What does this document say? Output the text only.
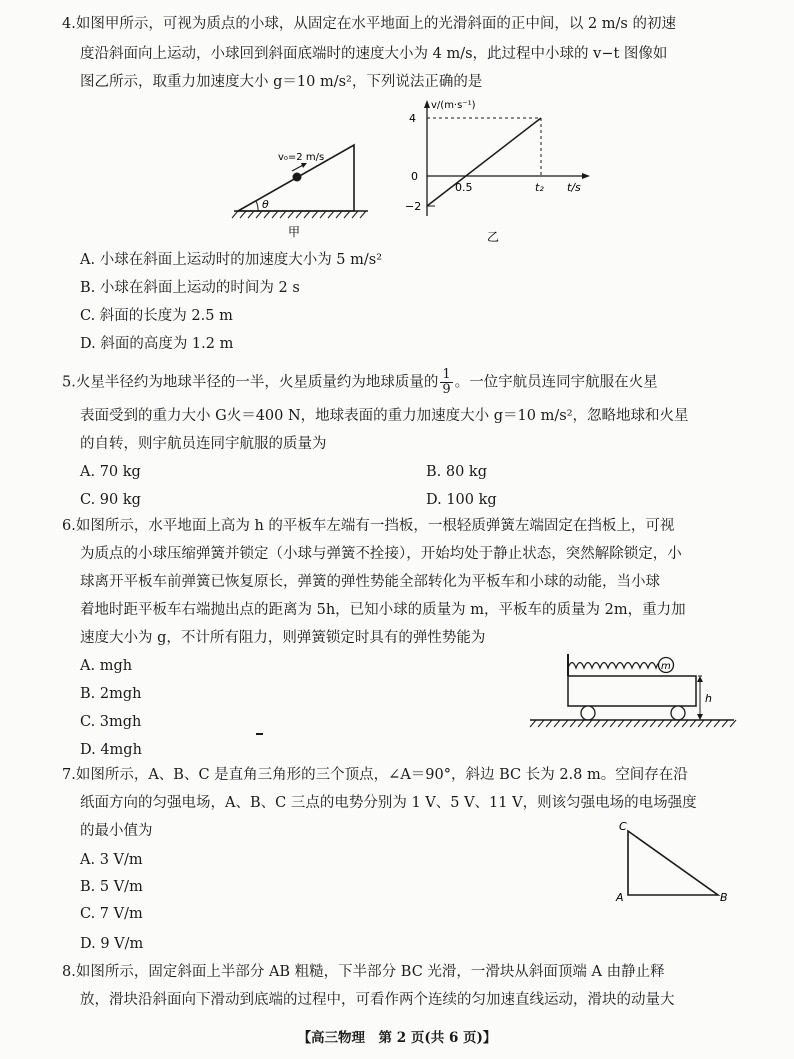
4.如图甲所示，可视为质点的小球，从固定在水平地面上的光滑斜面的正中间，以 2 m/s 的初速
度沿斜面向上运动，小球回到斜面底端时的速度大小为 4 m/s，此过程中小球的 v−t 图像如
图乙所示，取重力加速度大小 g＝10 m/s²，下列说法正确的是
θ
v₀=2 m/s
甲
v/(m·s⁻¹)
4
0
−2
0.5	t₂ t/s
乙
A. 小球在斜面上运动时的加速度大小为 5 m/s²
B. 小球在斜面上运动的时间为 2 s
C. 斜面的长度为 2.5 m
D. 斜面的高度为 1.2 m
5.火星半径约为地球半径的一半，火星质量约为地球质量的 $\frac{1}{9}$ 。一位宇航员连同宇航服在火星
表面受到的重力大小 G火＝400 N，地球表面的重力加速度大小 g＝10 m/s²，忽略地球和火星
的自转，则宇航员连同宇航服的质量为
A. 70 kg	B. 80 kg
C. 90 kg	D. 100 kg
6.如图所示，水平地面上高为 h 的平板车左端有一挡板，一根轻质弹簧左端固定在挡板上，可视
为质点的小球压缩弹簧并锁定（小球与弹簧不拴接），开始均处于静止状态，突然解除锁定，小
球离开平板车前弹簧已恢复原长，弹簧的弹性势能全部转化为平板车和小球的动能，当小球
着地时距平板车右端抛出点的距离为 5h，已知小球的质量为 m，平板车的质量为 2m，重力加
速度大小为 g，不计所有阻力，则弹簧锁定时具有的弹性势能为
m
h
A. mgh
B. 2mgh
C. 3mgh
D. 4mgh
7.如图所示，A、B、C 是直角三角形的三个顶点，∠A＝90°，斜边 BC 长为 2.8 m。空间存在沿
纸面方向的匀强电场，A、B、C 三点的电势分别为 1 V、5 V、11 V，则该匀强电场的电场强度
的最小值为	C
A	B
A. 3 V/m
B. 5 V/m
C. 7 V/m
D. 9 V/m
8.如图所示，固定斜面上半部分 AB 粗糙，下半部分 BC 光滑，一滑块从斜面顶端 A 由静止释
放，滑块沿斜面向下滑动到底端的过程中，可看作两个连续的匀加速直线运动，滑块的动量大
【高三物理　第 2 页(共 6 页)】
